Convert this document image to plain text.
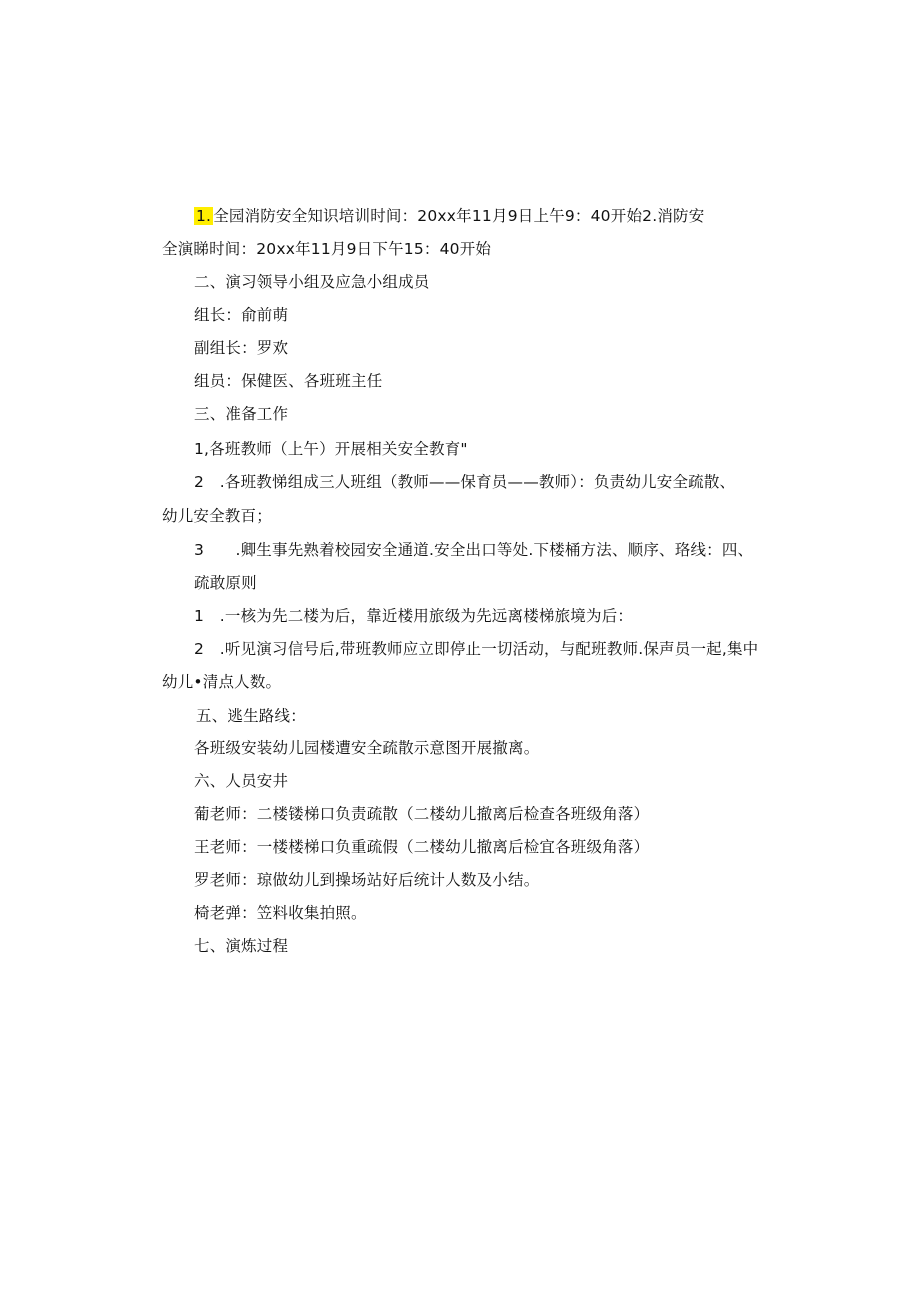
1. 全园消防安全知识培训时间：20xx年11月9日上午9：40开始2.消防安
全演睇时间：20xx年11月9日下午15：40开始
二、演习领导小组及应急小组成员
组长：俞前萌
副组长：罗欢
组员：保健医、各班班主任
三、准备工作
1,各班教师（上午）开展相关安全教育"
2　.各班教悌组成三人班组（教师——保育员——教师）：负责幼儿安全疏散、
幼儿安全教百；
3　　.卿生事先熟着校园安全通道.安全出口等处.下楼桶方法、顺序、珞线：四、
疏敢原则
1　.一核为先二楼为后，靠近楼用旅级为先远离楼梯旅境为后：
2　.听见演习信号后,带班教师应立即停止一切活动，与配班教师.保声员一起,集中
幼儿•清点人数。
五、逃生路线：
各班级安装幼儿园楼遭安全疏散示意图开展撤离。
六、人员安井
葡老师：二楼镂梯口负责疏散（二楼幼儿撤离后检查各班级角落）
王老师：一楼楼梯口负重疏假（二楼幼儿撤离后检宜各班级角落）
罗老师：琼做幼儿到操场站好后统计人数及小结。
椅老弹：笠料收集拍照。
七、演炼过程
